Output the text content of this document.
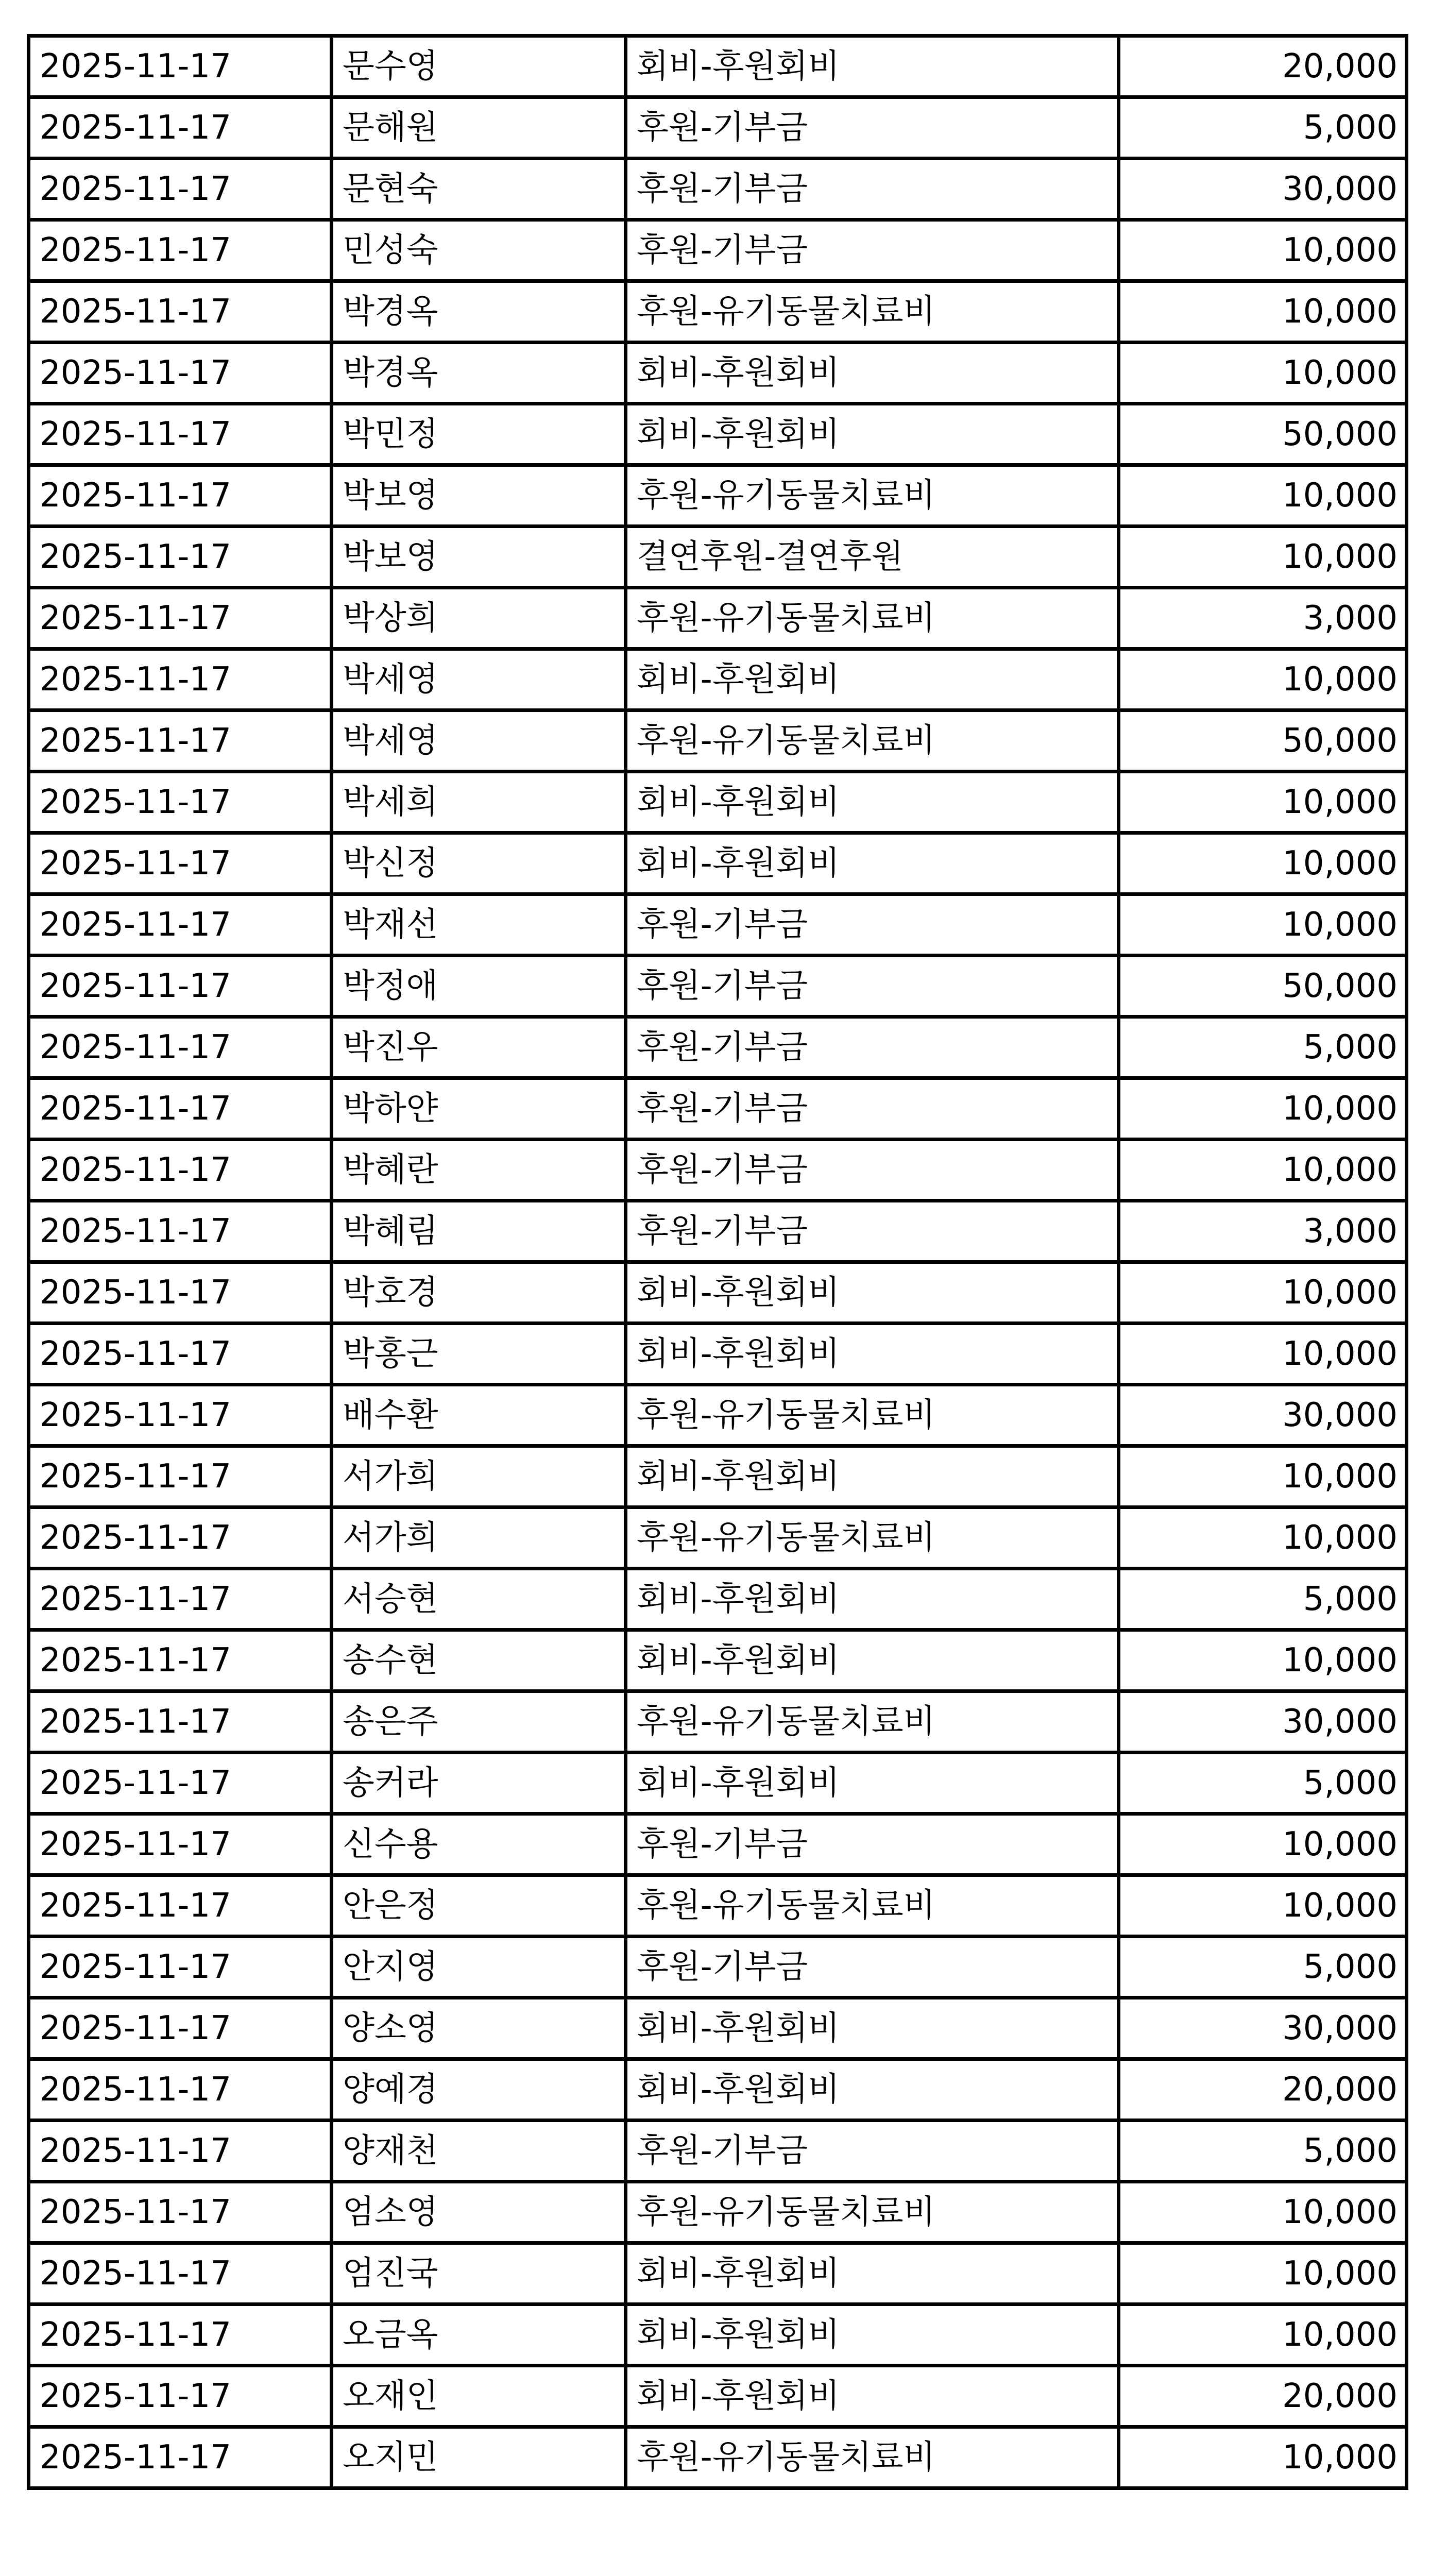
2025-11-17	문수영	회비-후원회비	20,000
2025-11-17	문해원	후원-기부금	5,000
2025-11-17	문현숙	후원-기부금	30,000
2025-11-17	민성숙	후원-기부금	10,000
2025-11-17	박경옥	후원-유기동물치료비	10,000
2025-11-17	박경옥	회비-후원회비	10,000
2025-11-17	박민정	회비-후원회비	50,000
2025-11-17	박보영	후원-유기동물치료비	10,000
2025-11-17	박보영	결연후원-결연후원	10,000
2025-11-17	박상희	후원-유기동물치료비	3,000
2025-11-17	박세영	회비-후원회비	10,000
2025-11-17	박세영	후원-유기동물치료비	50,000
2025-11-17	박세희	회비-후원회비	10,000
2025-11-17	박신정	회비-후원회비	10,000
2025-11-17	박재선	후원-기부금	10,000
2025-11-17	박정애	후원-기부금	50,000
2025-11-17	박진우	후원-기부금	5,000
2025-11-17	박하얀	후원-기부금	10,000
2025-11-17	박혜란	후원-기부금	10,000
2025-11-17	박혜림	후원-기부금	3,000
2025-11-17	박호경	회비-후원회비	10,000
2025-11-17	박홍근	회비-후원회비	10,000
2025-11-17	배수환	후원-유기동물치료비	30,000
2025-11-17	서가희	회비-후원회비	10,000
2025-11-17	서가희	후원-유기동물치료비	10,000
2025-11-17	서승현	회비-후원회비	5,000
2025-11-17	송수현	회비-후원회비	10,000
2025-11-17	송은주	후원-유기동물치료비	30,000
2025-11-17	송커라	회비-후원회비	5,000
2025-11-17	신수용	후원-기부금	10,000
2025-11-17	안은정	후원-유기동물치료비	10,000
2025-11-17	안지영	후원-기부금	5,000
2025-11-17	양소영	회비-후원회비	30,000
2025-11-17	양예경	회비-후원회비	20,000
2025-11-17	양재천	후원-기부금	5,000
2025-11-17	엄소영	후원-유기동물치료비	10,000
2025-11-17	엄진국	회비-후원회비	10,000
2025-11-17	오금옥	회비-후원회비	10,000
2025-11-17	오재인	회비-후원회비	20,000
2025-11-17	오지민	후원-유기동물치료비	10,000
